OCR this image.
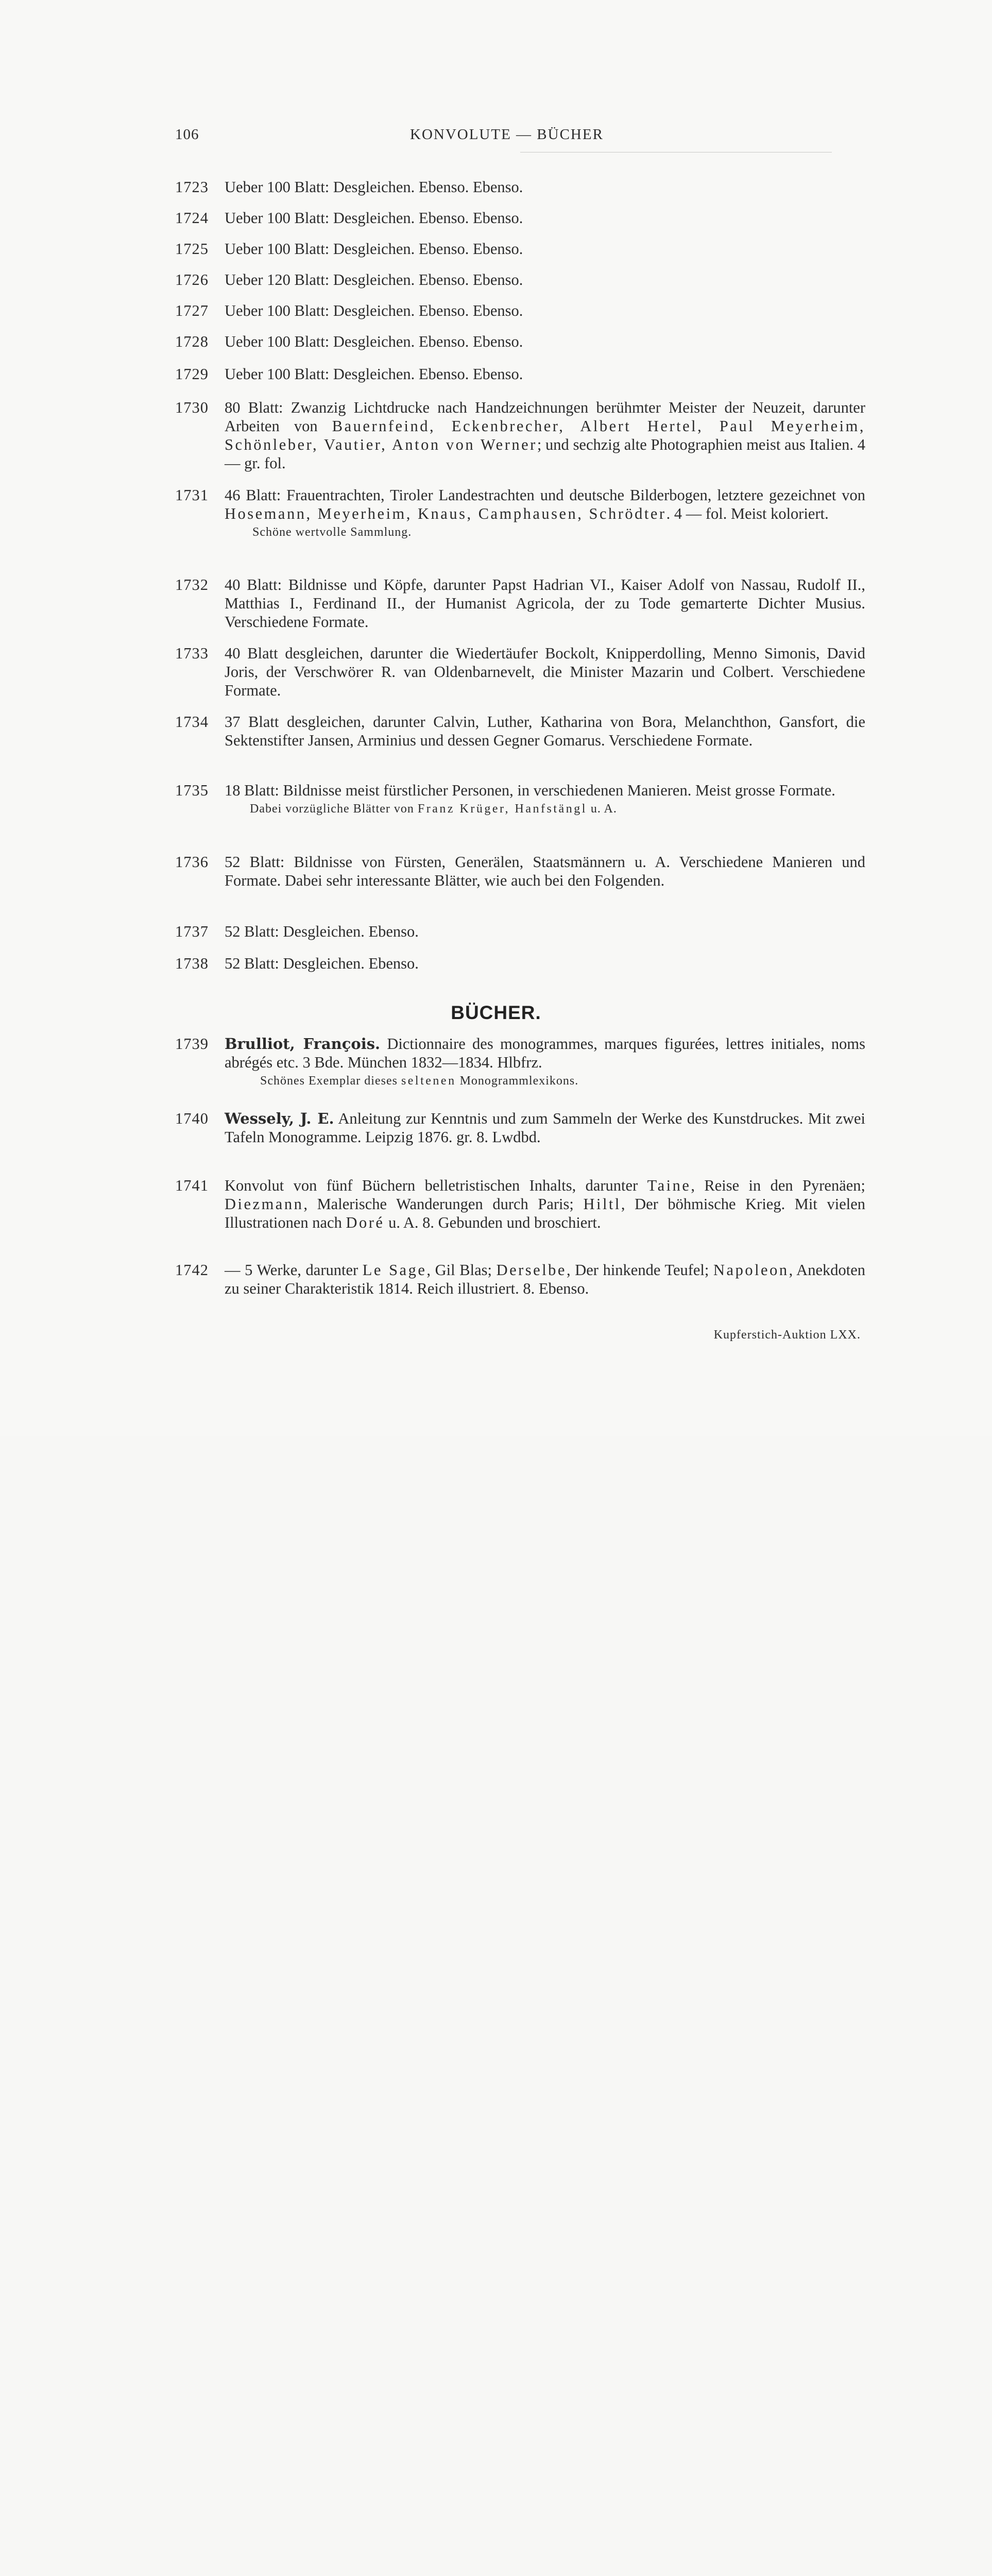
106	KONVOLUTE — BÜCHER
1723	Ueber 100 Blatt: Desgleichen. Ebenso. Ebenso.
1724	Ueber 100 Blatt: Desgleichen. Ebenso. Ebenso.
1725	Ueber 100 Blatt: Desgleichen. Ebenso. Ebenso.
1726	Ueber 120 Blatt: Desgleichen. Ebenso. Ebenso.
1727	Ueber 100 Blatt: Desgleichen. Ebenso. Ebenso.
1728	Ueber 100 Blatt: Desgleichen. Ebenso. Ebenso.
1729	Ueber 100 Blatt: Desgleichen. Ebenso. Ebenso.
1730	80 Blatt: Zwanzig Lichtdrucke nach Handzeichnungen berühmter Meister der Neuzeit, darunter Arbeiten von Bauernfeind, Eckenbrecher, Albert Hertel, Paul Meyerheim, Schönleber, Vautier, Anton von Werner; und sechzig alte Photographien meist aus Italien. 4 — gr. fol.
1731	46 Blatt: Frauentrachten, Tiroler Landestrachten und deutsche Bilderbogen, letztere gezeichnet von Hosemann, Meyerheim, Knaus, Camphausen, Schrödter. 4 — fol. Meist koloriert.
Schöne wertvolle Sammlung.
1732	40 Blatt: Bildnisse und Köpfe, darunter Papst Hadrian VI., Kaiser Adolf von Nassau, Rudolf II., Matthias I., Ferdinand II., der Humanist Agricola, der zu Tode gemarterte Dichter Musius. Verschiedene Formate.
1733	40 Blatt desgleichen, darunter die Wiedertäufer Bockolt, Knipperdolling, Menno Simonis, David Joris, der Verschwörer R. van Oldenbarnevelt, die Minister Mazarin und Colbert. Verschiedene Formate.
1734	37 Blatt desgleichen, darunter Calvin, Luther, Katharina von Bora, Melanchthon, Gansfort, die Sektenstifter Jansen, Arminius und dessen Gegner Gomarus. Verschiedene Formate.
1735	18 Blatt: Bildnisse meist fürstlicher Personen, in verschiedenen Manieren. Meist grosse Formate.
Dabei vorzügliche Blätter von Franz Krüger, Hanfstängl u. A.
1736	52 Blatt: Bildnisse von Fürsten, Generälen, Staatsmännern u. A. Verschiedene Manieren und Formate. Dabei sehr interessante Blätter, wie auch bei den Folgenden.
1737	52 Blatt: Desgleichen. Ebenso.
1738	52 Blatt: Desgleichen. Ebenso.
BÜCHER.
1739	Brulliot, François. Dictionnaire des monogrammes, marques figurées, lettres initiales, noms abrégés etc. 3 Bde. München 1832—1834. Hlbfrz.
Schönes Exemplar dieses seltenen Monogrammlexikons.
1740	Wessely, J. E. Anleitung zur Kenntnis und zum Sammeln der Werke des Kunstdruckes. Mit zwei Tafeln Monogramme. Leipzig 1876. gr. 8. Lwdbd.
1741	Konvolut von fünf Büchern belletristischen Inhalts, darunter Taine, Reise in den Pyrenäen; Diezmann, Malerische Wanderungen durch Paris; Hiltl, Der böhmische Krieg. Mit vielen Illustrationen nach Doré u. A. 8. Gebunden und broschiert.
1742	— 5 Werke, darunter Le Sage, Gil Blas; Derselbe, Der hinkende Teufel; Napoleon, Anekdoten zu seiner Charakteristik 1814. Reich illustriert. 8. Ebenso.
Kupferstich-Auktion LXX.
